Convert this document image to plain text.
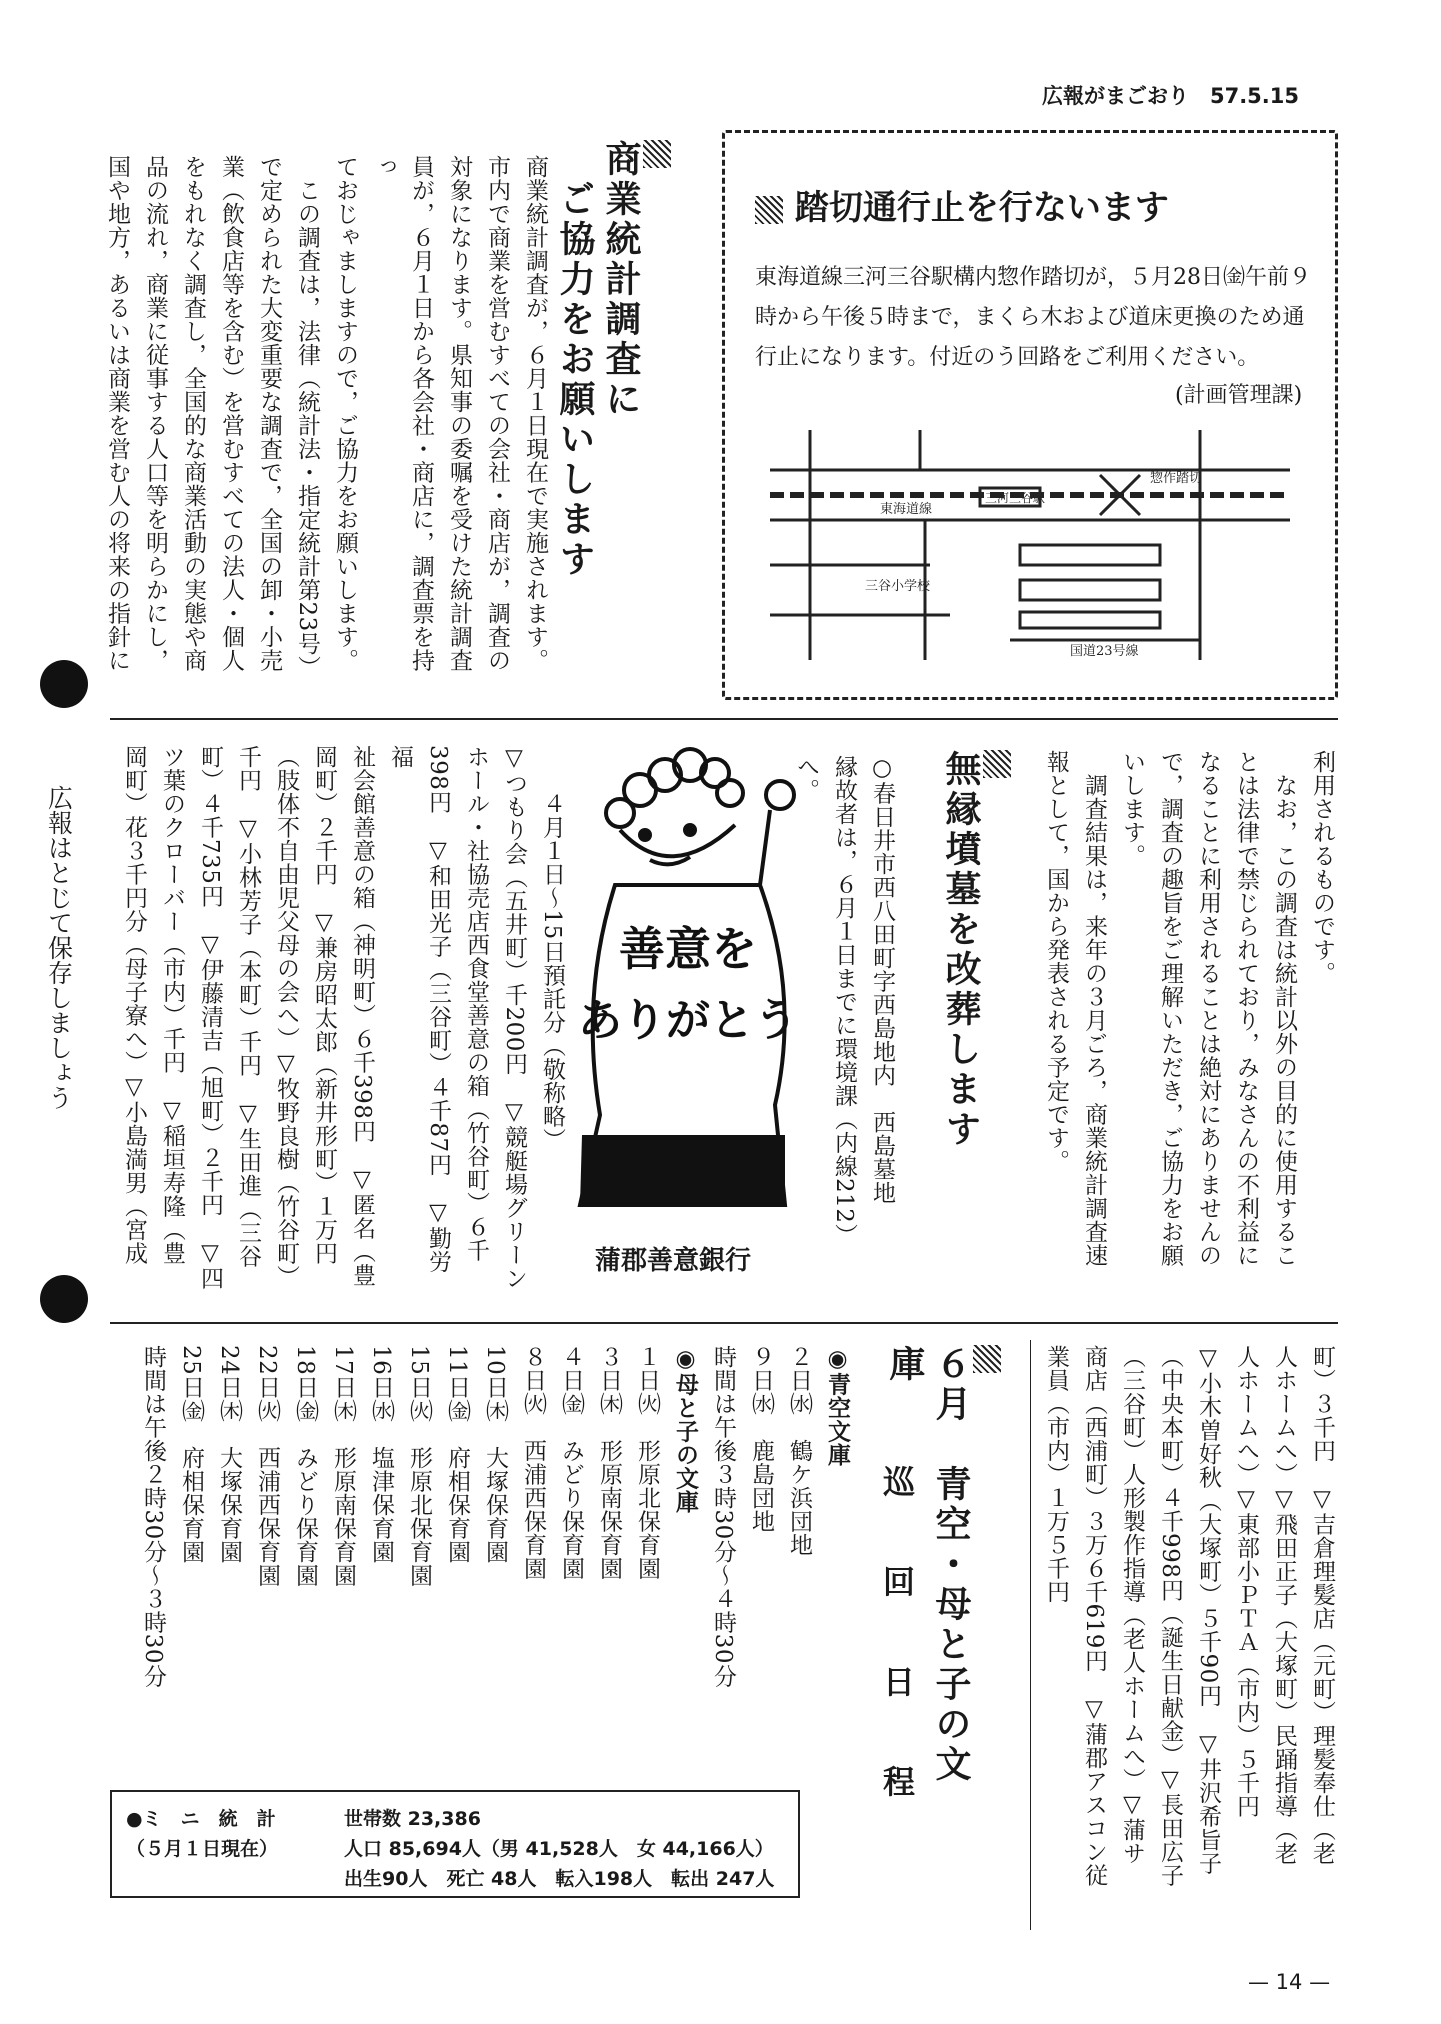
広報がまごおり　57.5.15
踏切通行止を行ないます
東海道線三河三谷駅構内惣作踏切が，５月28日㈮午前９時から午後５時まで，まくら木および道床更換のため通行止になります。付近のう回路をご利用ください。
(計画管理課)
惣作踏切
三河三谷駅
東海道線
三谷小学校
国道23号線
商業統計調査に
ご協力をお願いします
商業統計調査が，６月１日現在で実施されます。
市内で商業を営むすべての会社・商店が，調査の
対象になります。県知事の委嘱を受けた統計調査
員が，６月１日から各会社・商店に，調査票を持っ
ておじゃましますので，ご協力をお願いします。
　この調査は，法律（統計法・指定統計第23号）
で定められた大変重要な調査で，全国の卸・小売
業（飲食店等を含む）を営むすべての法人・個人
をもれなく調査し，全国的な商業活動の実態や商
品の流れ，商業に従事する人口等を明らかにし，
国や地方，あるいは商業を営む人の将来の指針に
利用されるものです。
　なお，この調査は統計以外の目的に使用するこ
とは法律で禁じられており，みなさんの不利益に
なることに利用されることは絶対にありませんの
で，調査の趣旨をご理解いただき，ご協力をお願
いします。
　調査結果は，来年の３月ごろ，商業統計調査速
報として，国から発表される予定です。
無縁墳墓を改葬します
○春日井市西八田町字西島地内　西島墓地
縁故者は，６月１日までに環境課（内線212）へ。
善意を
ありがとう
蒲郡善意銀行
　　４月１日〜15日預託分（敬称略）
▽つもり会（五井町）千200円　▽競艇場グリーン
ホール・社協売店西食堂善意の箱（竹谷町）６千
398円　▽和田光子（三谷町）４千87円　▽勤労福
祉会館善意の箱（神明町）６千398円　▽匿名（豊
岡町）２千円　▽兼房昭太郎（新井形町）１万円
（肢体不自由児父母の会へ）▽牧野良樹（竹谷町）
千円　▽小林芳子（本町）千円　▽生田進（三谷
町）４千735円　▽伊藤清吉（旭町）２千円　▽四
ツ葉のクローバー（市内）千円　▽稲垣寿隆（豊
岡町）花３千円分（母子寮へ）▽小島満男（宮成
広報はとじて保存しましょう
町）３千円　▽吉倉理髪店（元町）理髪奉仕（老
人ホームへ）▽飛田正子（大塚町）民踊指導（老
人ホームへ）▽東部小ＰＴＡ（市内）５千円
▽小木曽好秋（大塚町）５千90円　▽井沢希旨子
（中央本町）４千998円（誕生日献金）▽長田広子
（三谷町）人形製作指導（老人ホームへ）▽蒲サ
商店（西浦町）３万６千619円　▽蒲郡アスコン従
業員（市内）１万５千円
６月　青空・母と子の文庫
巡　回　日　程
◉青空文庫
２日㈬　鶴ケ浜団地
９日㈬　鹿島団地
時間は午後３時30分〜４時30分
◉母と子の文庫
１日㈫　形原北保育園
３日㈭　形原南保育園
４日㈮　みどり保育園
８日㈫　西浦西保育園
10日㈭　大塚保育園
11日㈮　府相保育園
15日㈫　形原北保育園
16日㈬　塩津保育園
17日㈭　形原南保育園
18日㈮　みどり保育園
22日㈫　西浦西保育園
24日㈭　大塚保育園
25日㈮　府相保育園
時間は午後２時30分〜３時30分
●ミ　ニ　統　計
（５月１日現在）
世帯数 23,386
人口 85,694人（男 41,528人　女 44,166人）
出生90人　死亡 48人　転入198人　転出 247人
— 14 —
